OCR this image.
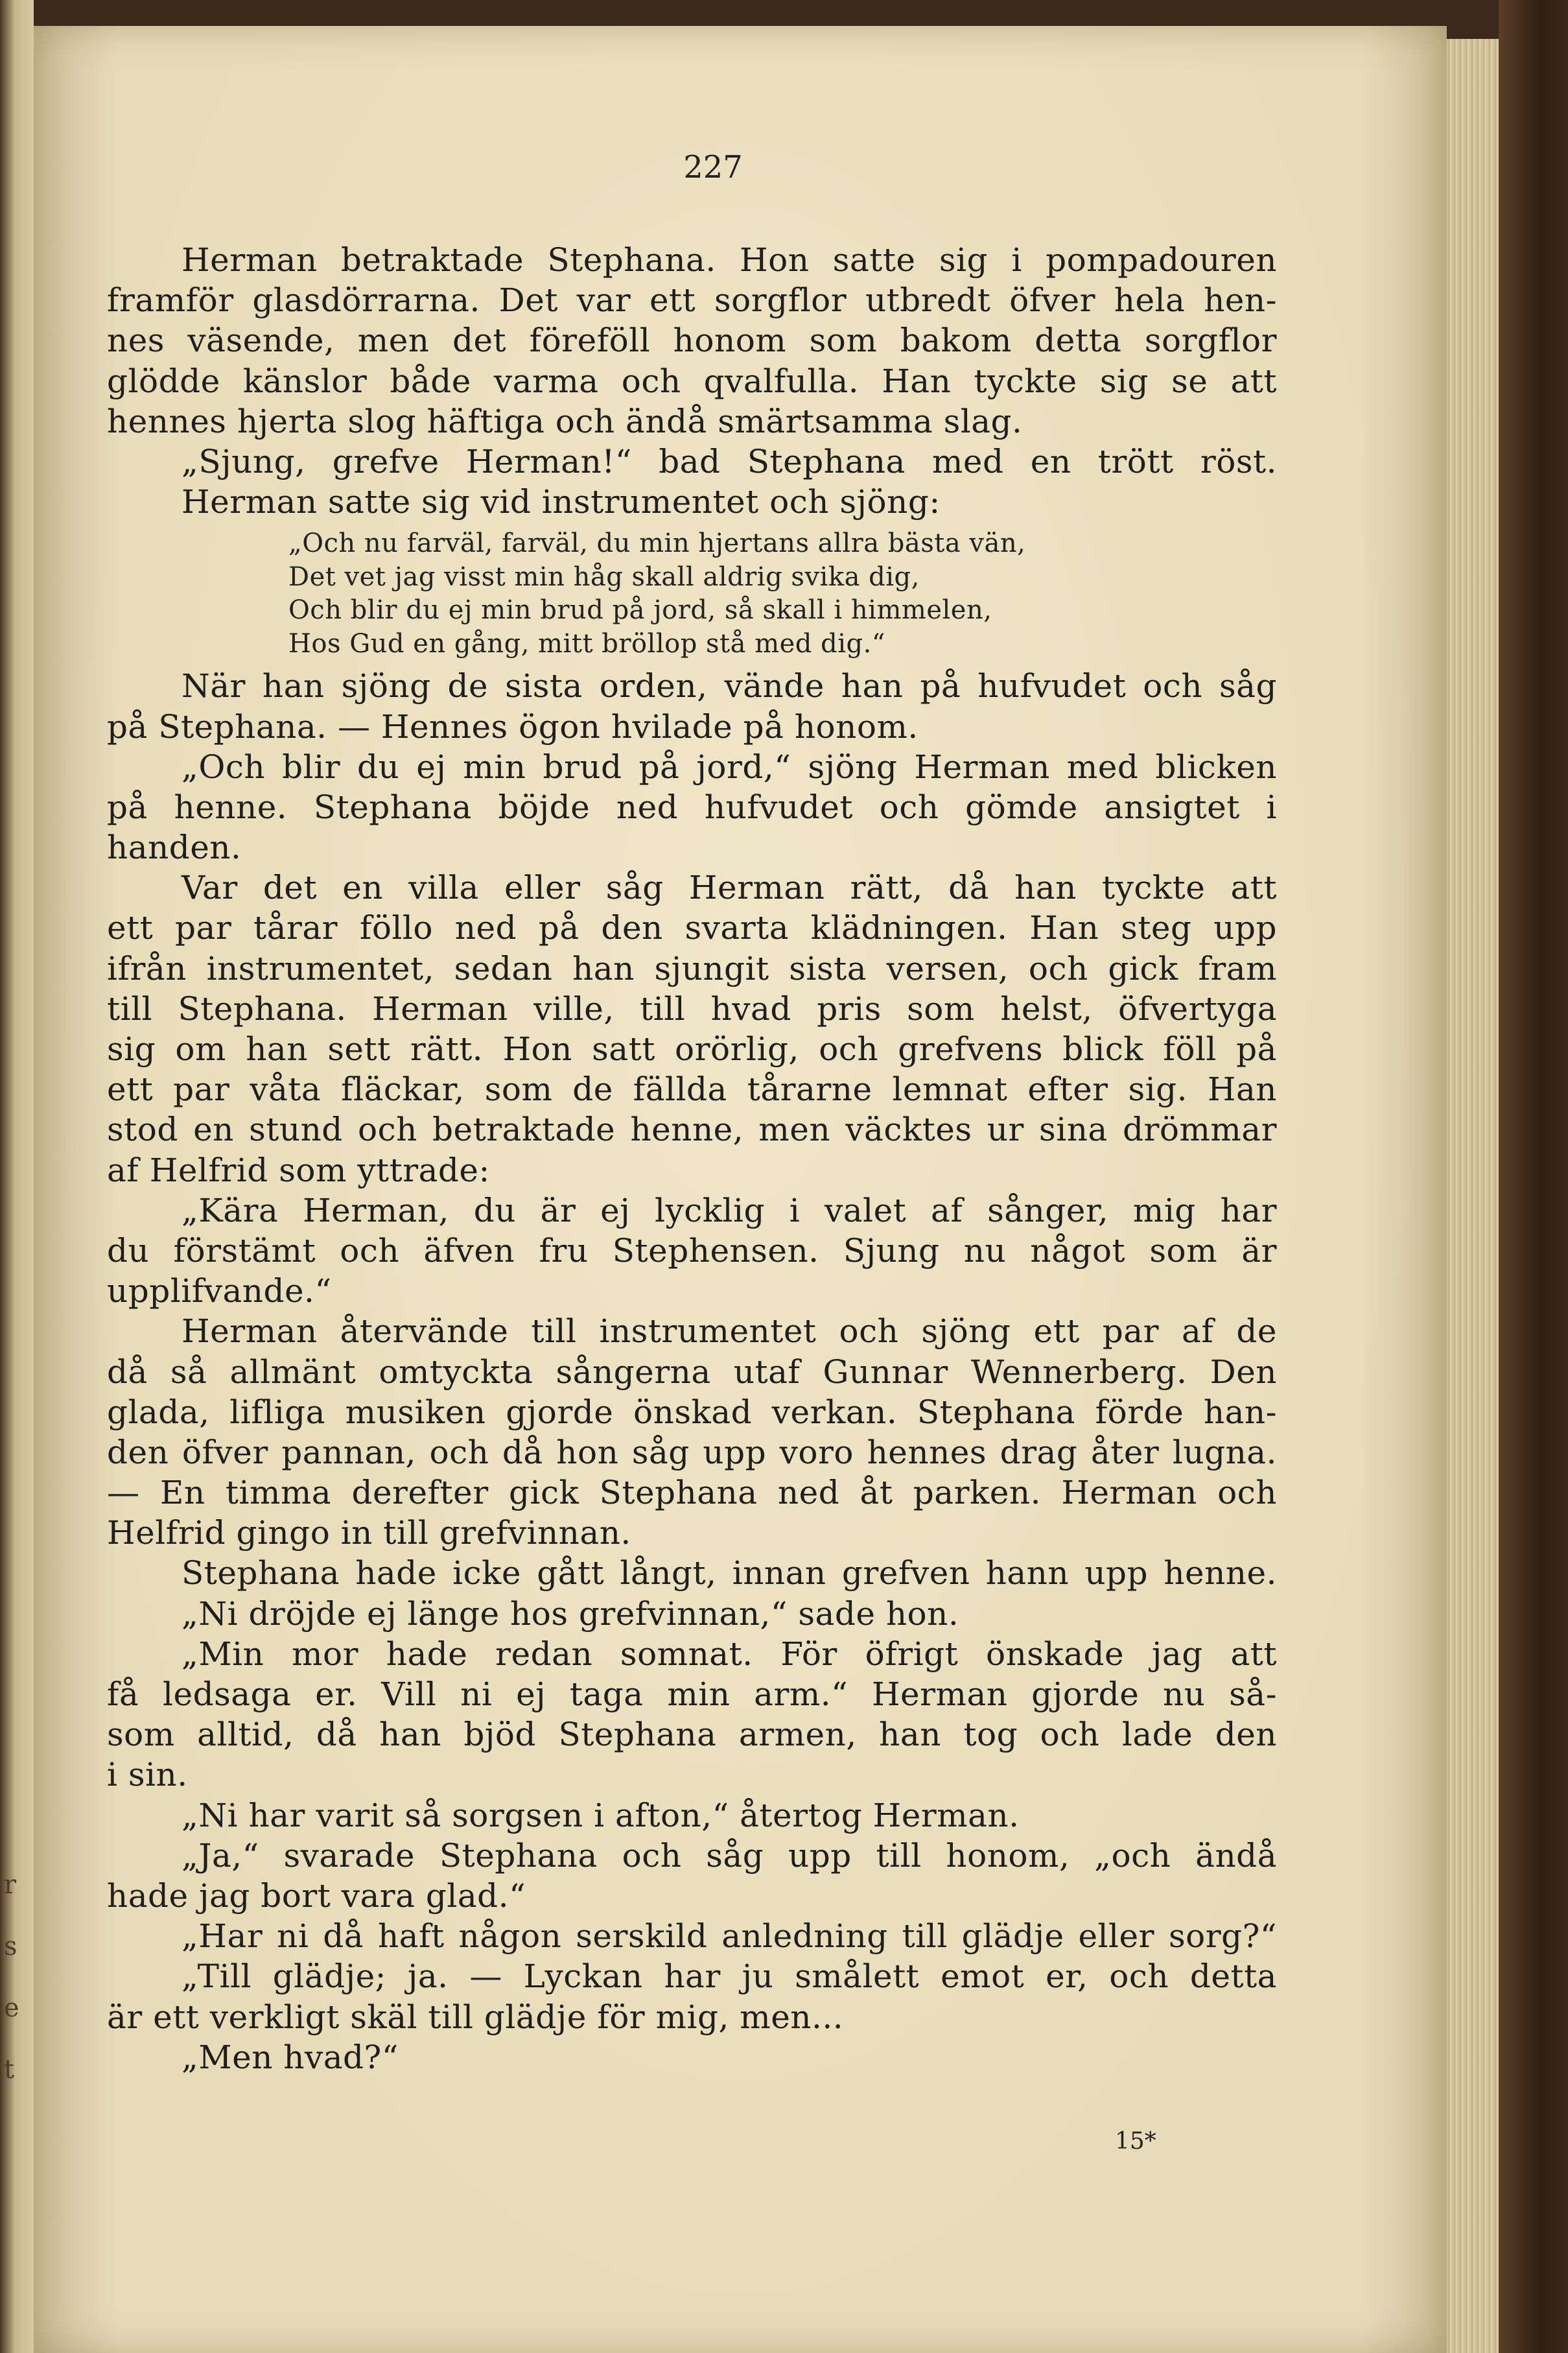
r
s
e
t
227
Herman betraktade Stephana. Hon satte sig i pompadouren
framför glasdörrarna. Det var ett sorgflor utbredt öfver hela hen-
nes väsende, men det föreföll honom som bakom detta sorgflor
glödde känslor både varma och qvalfulla. Han tyckte sig se att
hennes hjerta slog häftiga och ändå smärtsamma slag.
„Sjung, grefve Herman!“ bad Stephana med en trött röst.
Herman satte sig vid instrumentet och sjöng:
„Och nu farväl, farväl, du min hjertans allra bästa vän,
Det vet jag visst min håg skall aldrig svika dig,
Och blir du ej min brud på jord, så skall i himmelen,
Hos Gud en gång, mitt bröllop stå med dig.“
När han sjöng de sista orden, vände han på hufvudet och såg
på Stephana. — Hennes ögon hvilade på honom.
„Och blir du ej min brud på jord,“ sjöng Herman med blicken
på henne. Stephana böjde ned hufvudet och gömde ansigtet i
handen.
Var det en villa eller såg Herman rätt, då han tyckte att
ett par tårar föllo ned på den svarta klädningen. Han steg upp
ifrån instrumentet, sedan han sjungit sista versen, och gick fram
till Stephana. Herman ville, till hvad pris som helst, öfvertyga
sig om han sett rätt. Hon satt orörlig, och grefvens blick föll på
ett par våta fläckar, som de fällda tårarne lemnat efter sig. Han
stod en stund och betraktade henne, men väcktes ur sina drömmar
af Helfrid som yttrade:
„Kära Herman, du är ej lycklig i valet af sånger, mig har
du förstämt och äfven fru Stephensen. Sjung nu något som är
upplifvande.“
Herman återvände till instrumentet och sjöng ett par af de
då så allmänt omtyckta sångerna utaf Gunnar Wennerberg. Den
glada, lifliga musiken gjorde önskad verkan. Stephana förde han-
den öfver pannan, och då hon såg upp voro hennes drag åter lugna.
— En timma derefter gick Stephana ned åt parken. Herman och
Helfrid gingo in till grefvinnan.
Stephana hade icke gått långt, innan grefven hann upp henne.
„Ni dröjde ej länge hos grefvinnan,“ sade hon.
„Min mor hade redan somnat. För öfrigt önskade jag att
få ledsaga er. Vill ni ej taga min arm.“ Herman gjorde nu så-
som alltid, då han bjöd Stephana armen, han tog och lade den
i sin.
„Ni har varit så sorgsen i afton,“ återtog Herman.
„Ja,“ svarade Stephana och såg upp till honom, „och ändå
hade jag bort vara glad.“
„Har ni då haft någon serskild anledning till glädje eller sorg?“
„Till glädje; ja. — Lyckan har ju smålett emot er, och detta
är ett verkligt skäl till glädje för mig, men...
„Men hvad?“
15*
